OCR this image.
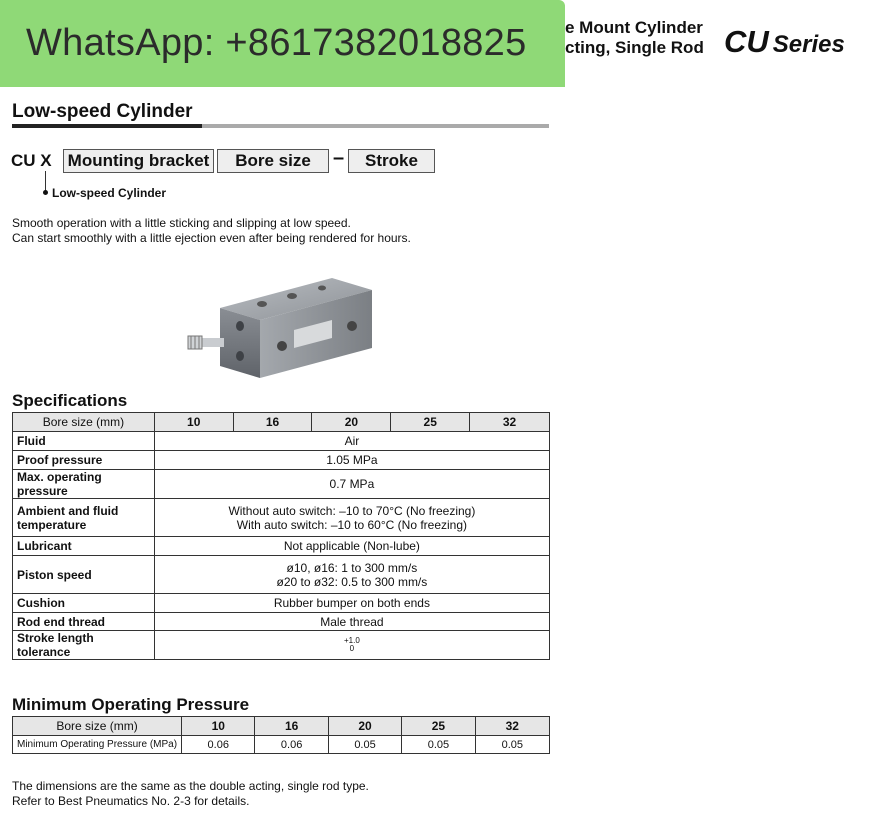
WhatsApp: +8617382018825 e Mount Cylinder
cting, Single Rod CU Series
Low-speed Cylinder
CU X Mounting bracket	Bore size	–	Stroke
Low-speed Cylinder
Smooth operation with a little sticking and slipping at low speed.
Can start smoothly with a little ejection even after being rendered for hours.
Specifications
Bore size (mm)	10	16	20	25	32
Fluid	Air				
Proof pressure	1.05 MPa				
Max. operating pressure	0.7 MPa				
Ambient and fluid temperature	Without auto switch: –10 to 70°C (No freezing)
With auto switch: –10 to 60°C (No freezing)				

Lubricant	Not applicable (Non-lube)				
Piston speed	ø10, ø16: 1 to 300 mm/s
ø20 to ø32: 0.5 to 300 mm/s				

Cushion	Rubber bumper on both ends				
Rod end thread	Male thread				
Stroke length tolerance	+1.0
0				
Minimum Operating Pressure
Bore size (mm)	10	16	20	25	32
Minimum Operating Pressure (MPa)	0.06	0.06	0.05	0.05	0.05
The dimensions are the same as the double acting, single rod type.
Refer to Best Pneumatics No. 2-3 for details.
